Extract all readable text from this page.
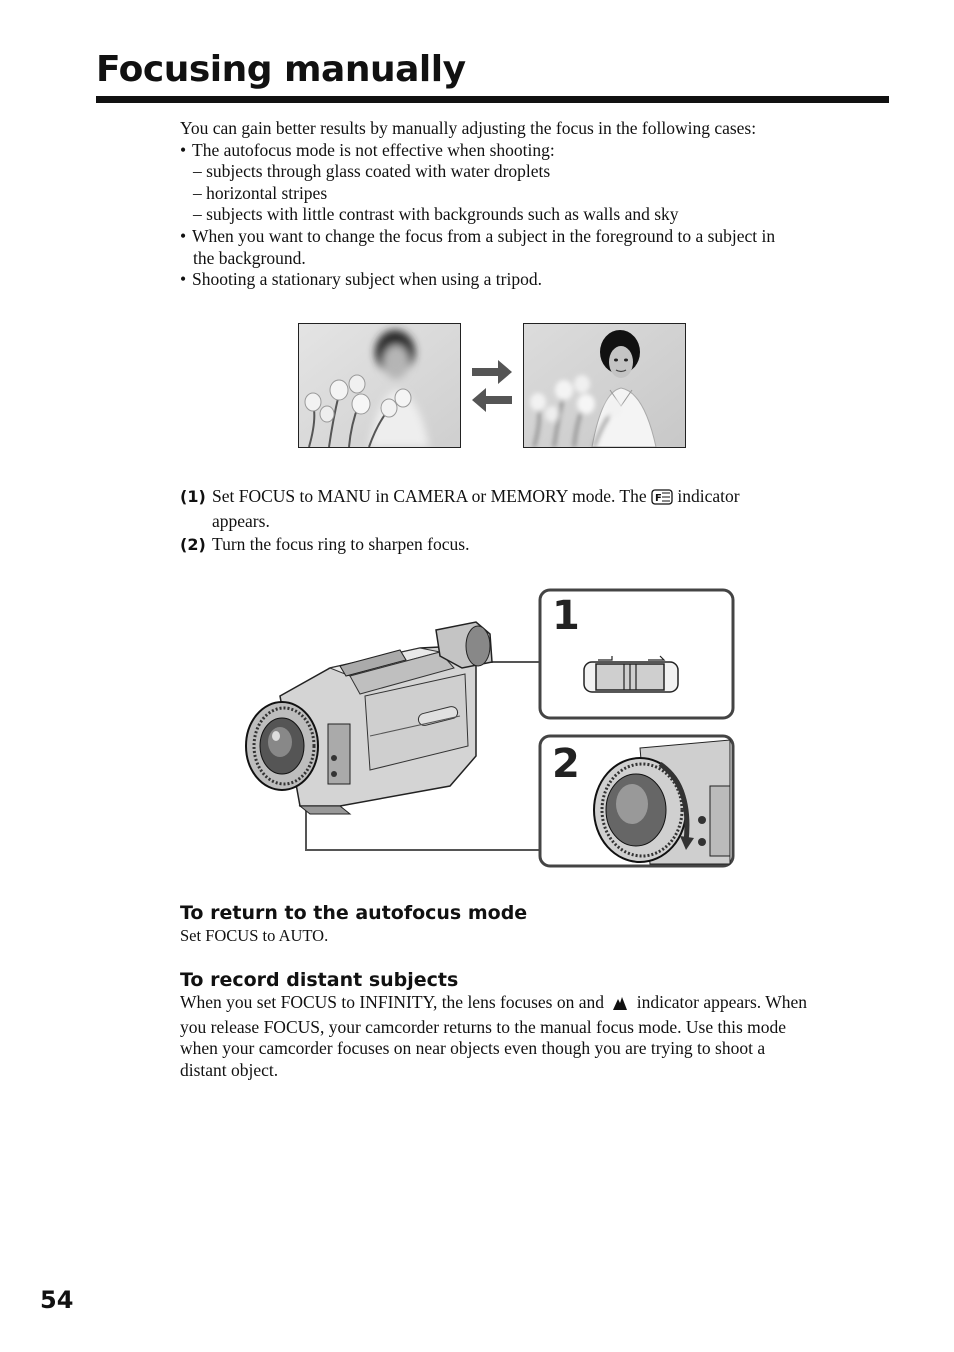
Focusing manually
You can gain better results by manually adjusting the focus in the following cases:
• The autofocus mode is not effective when shooting:
– subjects through glass coated with water droplets
– horizontal stripes
– subjects with little contrast with backgrounds such as walls and sky
• When you want to change the focus from a subject in the foreground to a subject in
the background.
• Shooting a stationary subject when using a tripod.
(1) Set FOCUS to MANU in CAMERA or MEMORY mode. The F indicator
appears.
(2) Turn the focus ring to sharpen focus.
1
2
To return to the autofocus mode
Set FOCUS to AUTO.
To record distant subjects
When you set FOCUS to INFINITY, the lens focuses on and indicator appears. When
you release FOCUS, your camcorder returns to the manual focus mode. Use this mode
when your camcorder focuses on near objects even though you are trying to shoot a
distant object.
54
